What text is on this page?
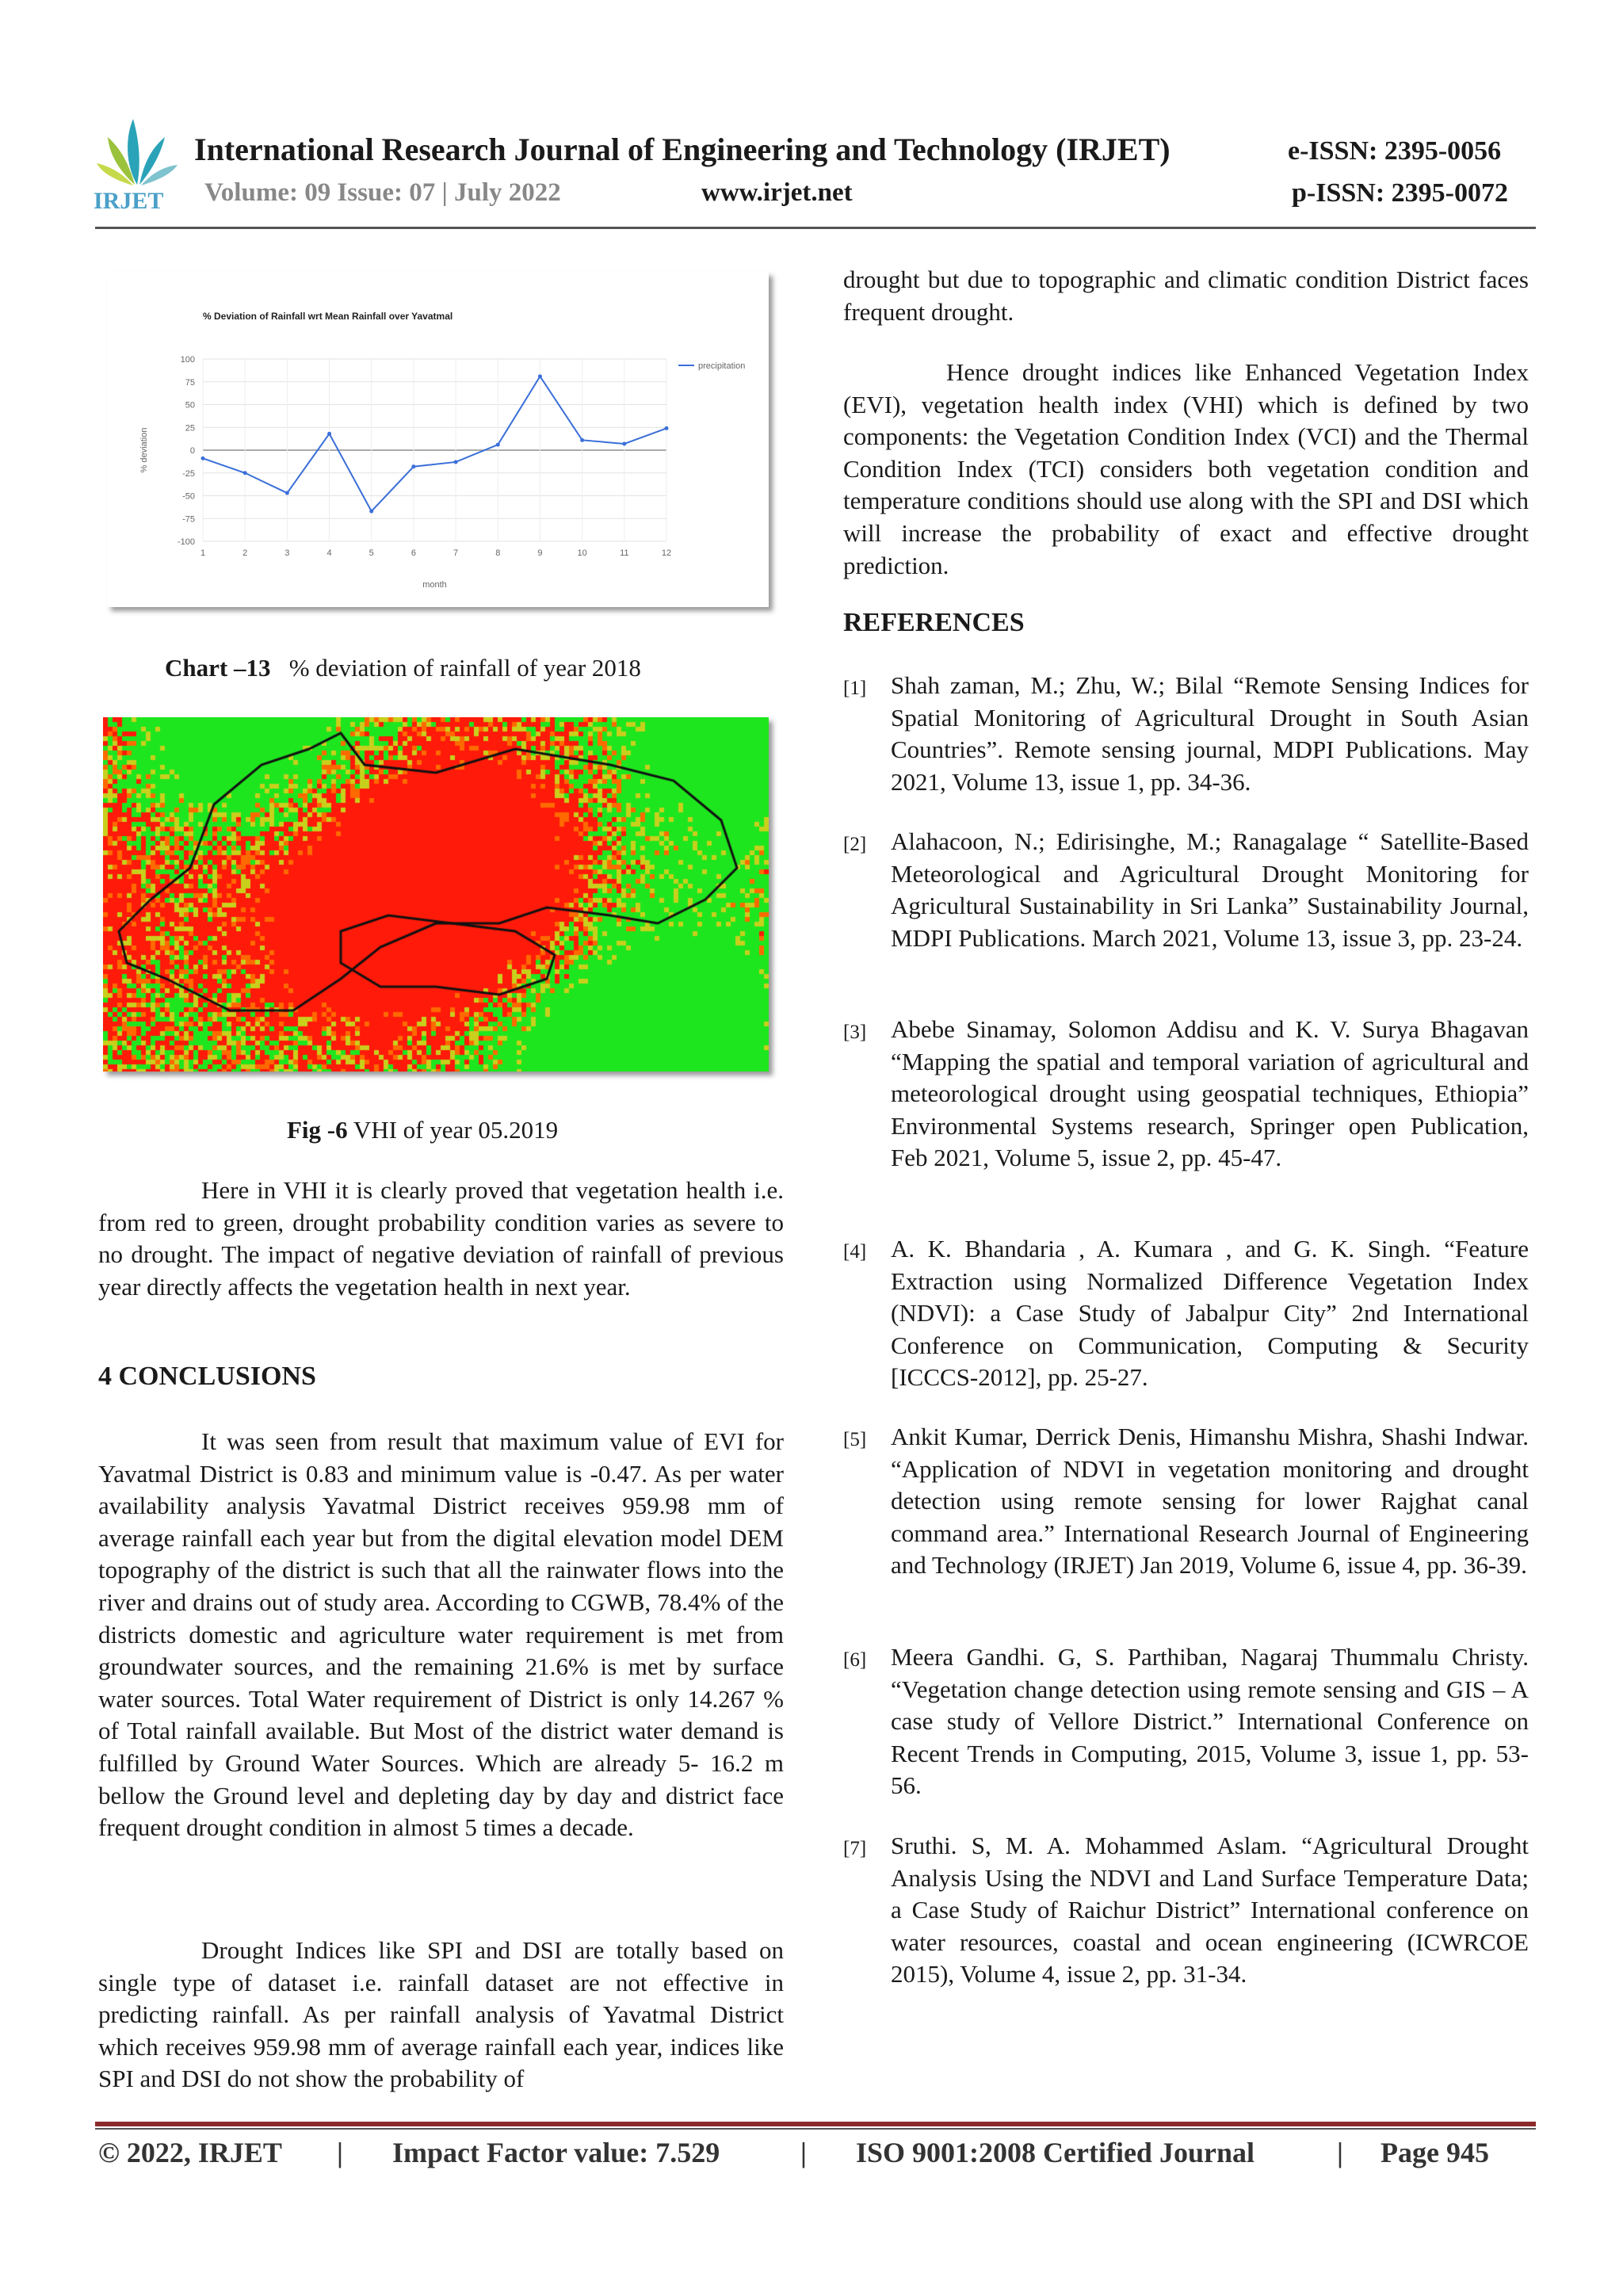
IRJET
International Research Journal of Engineering and Technology (IRJET)	e-ISSN: 2395-0056
Volume: 09 Issue: 07 | July 2022	www.irjet.net	p-ISSN: 2395-0072
% Deviation of Rainfall wrt Mean Rainfall over Yavatmal
100
75
50
25
0
-25
-50
-75
-100
1	2	3	4	5	6	7	8	9	10	11	12
month
% deviation
precipitation
Chart –13 % deviation of rainfall of year 2018
Fig -6 VHI of year 05.2019
Here in VHI it is clearly proved that vegetation health i.e. from red to green, drought probability condition varies as severe to no drought. The impact of negative deviation of rainfall of previous year directly affects the vegetation health in next year.
4 CONCLUSIONS
It was seen from result that maximum value of EVI for Yavatmal District is 0.83 and minimum value is -0.47. As per water availability analysis Yavatmal District receives 959.98 mm of average rainfall each year but from the digital elevation model DEM topography of the district is such that all the rainwater flows into the river and drains out of study area. According to CGWB, 78.4% of the districts domestic and agriculture water requirement is met from groundwater sources, and the remaining 21.6% is met by surface water sources. Total Water requirement of District is only 14.267 % of Total rainfall available. But Most of the district water demand is fulfilled by Ground Water Sources. Which are already 5- 16.2 m bellow the Ground level and depleting day by day and district face frequent drought condition in almost 5 times a decade.
Drought Indices like SPI and DSI are totally based on single type of dataset i.e. rainfall dataset are not effective in predicting rainfall. As per rainfall analysis of Yavatmal District which receives 959.98 mm of average rainfall each year, indices like SPI and DSI do not show the probability of
drought but due to topographic and climatic condition District faces frequent drought.
Hence drought indices like Enhanced Vegetation Index (EVI), vegetation health index (VHI) which is defined by two components: the Vegetation Condition Index (VCI) and the Thermal Condition Index (TCI) considers both vegetation condition and temperature conditions should use along with the SPI and DSI which will increase the probability of exact and effective drought prediction.
REFERENCES
[1] Shah zaman, M.; Zhu, W.; Bilal “Remote Sensing Indices for Spatial Monitoring of Agricultural Drought in South Asian Countries”. Remote sensing journal, MDPI Publications. May 2021, Volume 13, issue 1, pp. 34-36.
[2] Alahacoon, N.; Edirisinghe, M.; Ranagalage “ Satellite-Based Meteorological and Agricultural Drought Monitoring for Agricultural Sustainability in Sri Lanka” Sustainability Journal, MDPI Publications. March 2021, Volume 13, issue 3, pp. 23-24.
[3] Abebe Sinamay, Solomon Addisu and K. V. Surya Bhagavan “Mapping the spatial and temporal variation of agricultural and meteorological drought using geospatial techniques, Ethiopia” Environmental Systems research, Springer open Publication, Feb 2021, Volume 5, issue 2, pp. 45-47.
[4] A. K. Bhandaria , A. Kumara , and G. K. Singh. “Feature Extraction using Normalized Difference Vegetation Index (NDVI): a Case Study of Jabalpur City” 2nd International Conference on Communication, Computing & Security [ICCCS-2012], pp. 25-27.
[5] Ankit Kumar, Derrick Denis, Himanshu Mishra, Shashi Indwar. “Application of NDVI in vegetation monitoring and drought detection using remote sensing for lower Rajghat canal command area.” International Research Journal of Engineering and Technology (IRJET) Jan 2019, Volume 6, issue 4, pp. 36-39.
[6] Meera Gandhi. G, S. Parthiban, Nagaraj Thummalu Christy. “Vegetation change detection using remote sensing and GIS – A case study of Vellore District.” International Conference on Recent Trends in Computing, 2015, Volume 3, issue 1, pp. 53-56.
[7] Sruthi. S, M. A. Mohammed Aslam. “Agricultural Drought Analysis Using the NDVI and Land Surface Temperature Data; a Case Study of Raichur District” International conference on water resources, coastal and ocean engineering (ICWRCOE 2015), Volume 4, issue 2, pp. 31-34.
© 2022, IRJET | Impact Factor value: 7.529	| ISO 9001:2008 Certified Journal	| Page 945
